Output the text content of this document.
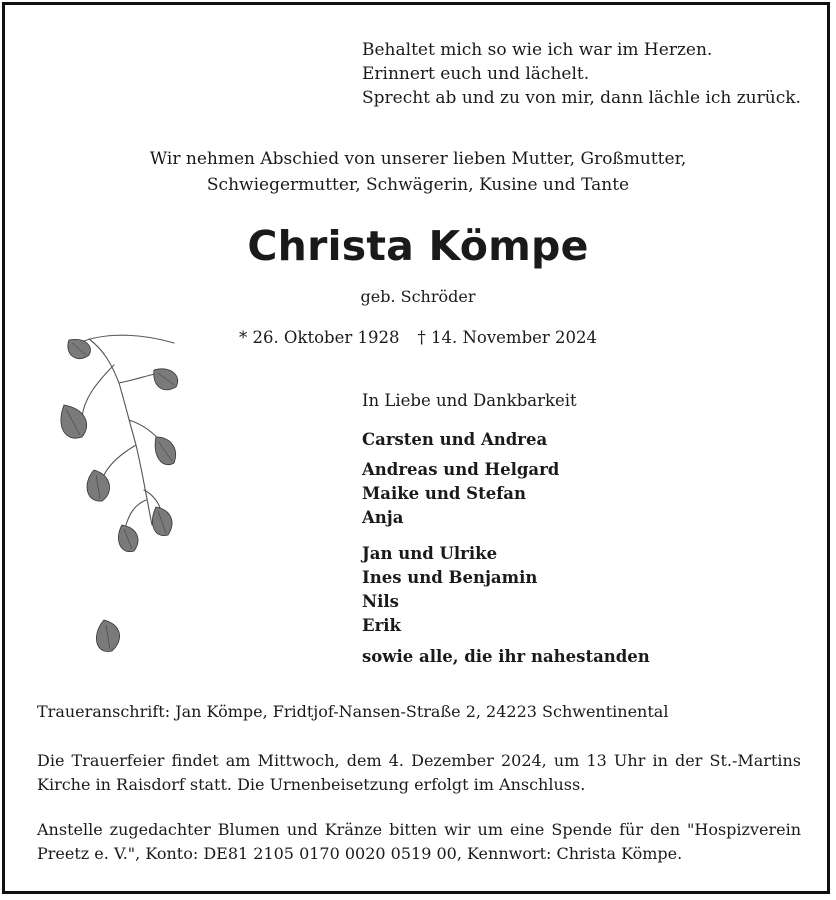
Behaltet mich so wie ich war im Herzen.
Erinnert euch und lächelt.
Sprecht ab und zu von mir, dann lächle ich zurück.
Wir nehmen Abschied von unserer lieben Mutter, Großmutter,
Schwiegermutter, Schwägerin, Kusine und Tante
Christa Kömpe
geb. Schröder
* 26. Oktober 1928 † 14. November 2024
In Liebe und Dankbarkeit
Carsten und Andrea
Andreas und Helgard
Maike und Stefan
Anja
Jan und Ulrike
Ines und Benjamin
Nils
Erik
sowie alle, die ihr nahestanden
Traueranschrift: Jan Kömpe, Fridtjof-Nansen-Straße 2, 24223 Schwentinental
Die Trauerfeier findet am Mittwoch, dem 4. Dezember 2024, um 13 Uhr in der St.-Martins Kirche in Raisdorf statt. Die Urnenbeisetzung erfolgt im Anschluss.
Anstelle zugedachter Blumen und Kränze bitten wir um eine Spende für den "Hospizverein Preetz e. V.", Konto: DE81 2105 0170 0020 0519 00, Kennwort: Christa Kömpe.
